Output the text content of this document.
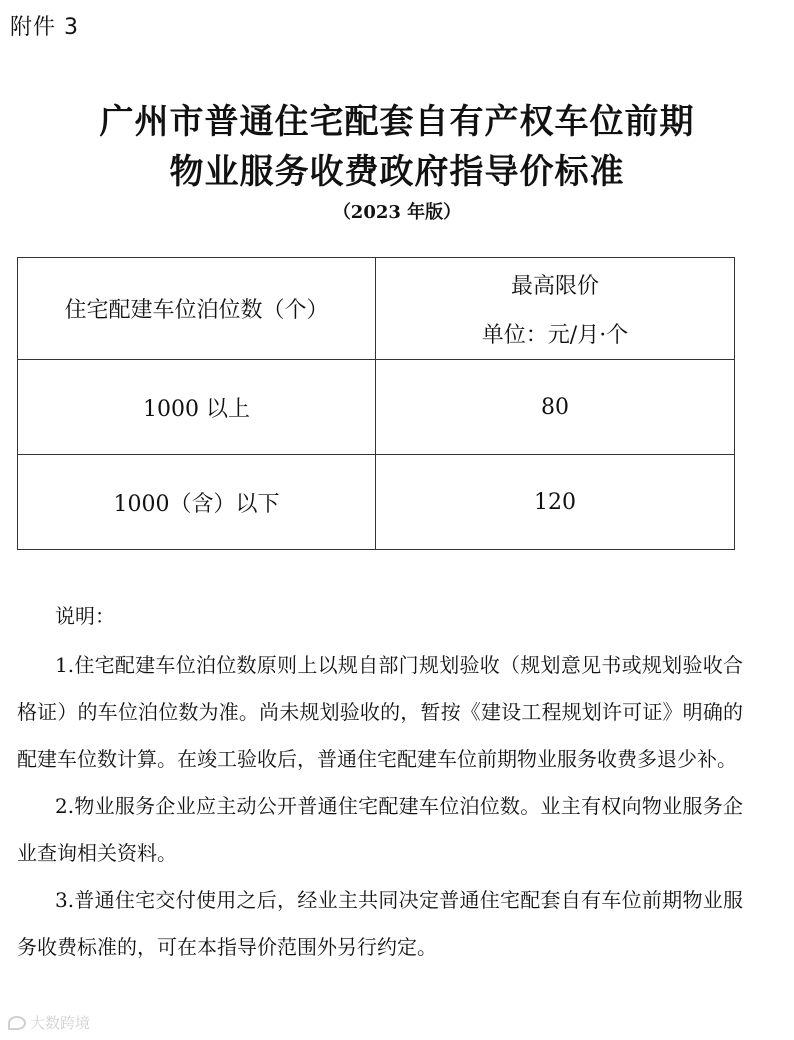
附件 3
广州市普通住宅配套自有产权车位前期
物业服务收费政府指导价标准
（2023 年版）
住宅配建车位泊位数（个）	最高限价
单位：元/月·个

1000 以上	80
1000（含）以下	120
说明：

1.住宅配建车位泊位数原则上以规自部门规划验收（规划意见书或规划验收合格证）的车位泊位数为准。尚未规划验收的，暂按《建设工程规划许可证》明确的配建车位数计算。在竣工验收后，普通住宅配建车位前期物业服务收费多退少补。

2.物业服务企业应主动公开普通住宅配建车位泊位数。业主有权向物业服务企业查询相关资料。

3.普通住宅交付使用之后，经业主共同决定普通住宅配套自有车位前期物业服务收费标准的，可在本指导价范围外另行约定。

大数跨境
